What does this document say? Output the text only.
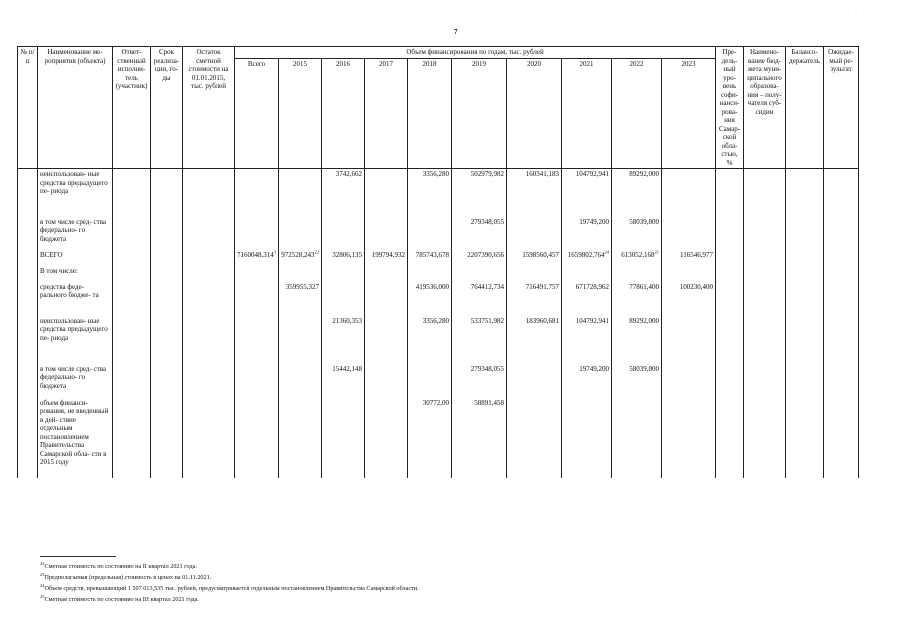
7
·
№ п/п	Наименование ме- роприятия (объекта)	Ответ- ственный исполни- тель (участник)	Срок реализа- ции, го- ды	Остаток сметной стоимости на 01.01.2015, тыс. рублей	Объем финансирования по годам, тыс. рублей										Пре- дель- ный уро- вень софи- нанси- рова- ния Самар- ской обла- стью, %	Наимено- вание бюд- жета муни- ципального образова- ния – полу- чателя суб- сидии	Балансо- держатель	Ожидае- мый ре- зультат
					Всего	2015	2016	2017	2018	2019	2020	2021	2022	2023				
	неиспользован- ные средства предыдущего пе- риода						3742,662		3356,280	502979,982	160341,183	104792,941	89292,000					
	в том числе сред- ства федерально- го бюджета									279348,055		19749,200	58039,800					
	ВСЕГО				7160048,314$^3$	972528,243$^{22}$	32806,135	199794,932	785743,678	2207390,656	1598560,457	1659802,764$^{24}$	613052,168$^{21}$	116546,977				
	В том числе:																	
	средства феде- рального бюдже- та					359955,327			419536,000	764412,734	716491,757	671728,962	77861,400	100230,400				
	неиспользован- ные средства предыдущего пе- риода						21360,353		3356,280	533751,982	183960,681	104792,941	89292,000					
	в том числе сред- ства федерально- го бюджета						15442,148			279348,055		19749,200	58039,800					
	объем финанси- рования, не введенный в дей- ствие отдельным постановлением Правительства Самарской обла- сти в 2015 году								30772,00	58891,458								
$^{22}$Сметная стоимость по состоянию на II квартал 2021 года.
$^{23}$Предполагаемая (предельная) стоимость в ценах на 01.11.2021.
$^{24}$Объем средств, превышающий 1 507 013,535 тыс. рублей, предусматривается отдельным постановлением Правительства Самарской области.
$^{25}$Сметная стоимость по состоянию на III квартал 2021 года.
